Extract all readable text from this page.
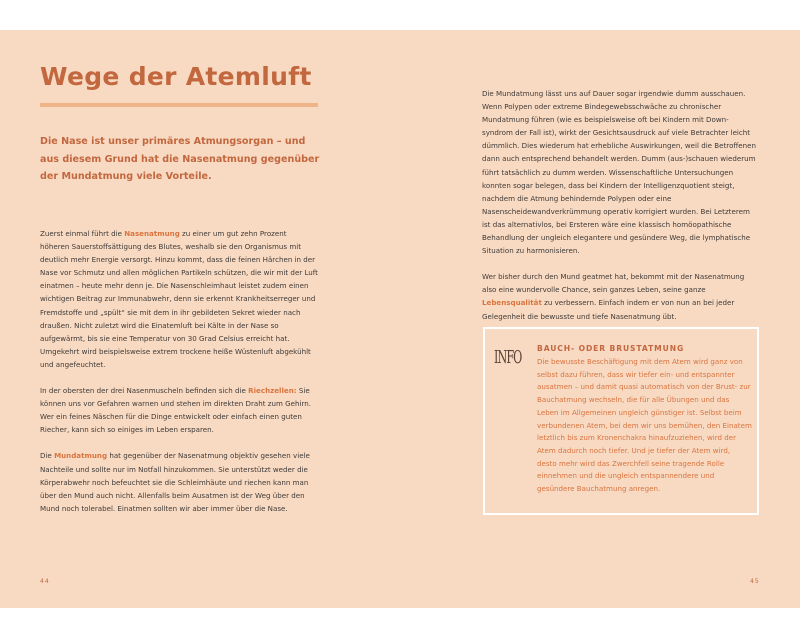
Wege der Atemluft
Die Nase ist unser primäres Atmungsorgan – und aus diesem Grund hat die Nasenatmung gegenüber der Mundatmung viele Vorteile.

Zuerst einmal führt die Nasenatmung zu einer um gut zehn Prozent höheren Sauerstoffsättigung des Blutes, weshalb sie den Organismus mit deutlich mehr Energie versorgt. Hinzu kommt, dass die feinen Härchen in der Nase vor Schmutz und allen möglichen Partikeln schützen, die wir mit der Luft einatmen – heute mehr denn je. Die Nasenschleimhaut leistet zudem einen wichtigen Beitrag zur Immunabwehr, denn sie erkennt Krankheitserreger und Fremdstoffe und „spült“ sie mit dem in ihr gebildeten Sekret wieder nach draußen. Nicht zuletzt wird die Einatemluft bei Kälte in der Nase so aufgewärmt, bis sie eine Temperatur von 30 Grad Celsius erreicht hat. Umgekehrt wird beispielsweise extrem trockene heiße Wüstenluft abgekühlt und angefeuchtet.

In der obersten der drei Nasenmuscheln befinden sich die Riechzellen: Sie können uns vor Gefahren warnen und stehen im direkten Draht zum Gehirn. Wer ein feines Näschen für die Dinge entwickelt oder einfach einen guten Riecher, kann sich so einiges im Leben ersparen.

Die Mundatmung hat gegenüber der Nasenatmung objektiv gesehen viele Nachteile und sollte nur im Notfall hinzukommen. Sie unterstützt weder die Körperabwehr noch befeuchtet sie die Schleimhäute und riechen kann man über den Mund auch nicht. Allenfalls beim Ausatmen ist der Weg über den Mund noch tolerabel. Einatmen sollten wir aber immer über die Nase.

44

Die Mundatmung lässt uns auf Dauer sogar irgendwie dumm ausschauen. Wenn Polypen oder extreme Bindegewebsschwäche zu chronischer Mundatmung führen (wie es beispielsweise oft bei Kindern mit Down-syndrom der Fall ist), wirkt der Gesichtsausdruck auf viele Betrachter leicht dümmlich. Dies wiederum hat erhebliche Auswirkungen, weil die Betroffenen dann auch entsprechend behandelt werden. Dumm (aus-)schauen wiederum führt tatsächlich zu dumm werden. Wissenschaftliche Untersuchungen konnten sogar belegen, dass bei Kindern der Intelligenzquotient steigt, nachdem die Atmung behindernde Polypen oder eine Nasenscheidewandverkrümmung operativ korrigiert wurden. Bei Letzterem ist das alternativlos, bei Ersteren wäre eine klassisch homöopathische Behandlung der ungleich elegantere und gesündere Weg, die lymphatische Situation zu harmonisieren.

Wer bisher durch den Mund geatmet hat, bekommt mit der Nasenatmung also eine wundervolle Chance, sein ganzes Leben, seine ganze Lebensqualität zu verbessern. Einfach indem er von nun an bei jeder Gelegenheit die bewusste und tiefe Nasenatmung übt.

INFO BAUCH- ODER BRUSTATMUNG
Die bewusste Beschäftigung mit dem Atem wird ganz von selbst dazu führen, dass wir tiefer ein- und entspannter ausatmen – und damit quasi automatisch von der Brust- zur Bauchatmung wechseln, die für alle Übungen und das Leben im Allgemeinen ungleich günstiger ist. Selbst beim verbundenen Atem, bei dem wir uns bemühen, den Einatem letztlich bis zum Kronenchakra hinaufzuziehen, wird der Atem dadurch noch tiefer. Und je tiefer der Atem wird, desto mehr wird das Zwerchfell seine tragende Rolle einnehmen und die ungleich entspannendere und gesündere Bauchatmung anregen.
45
